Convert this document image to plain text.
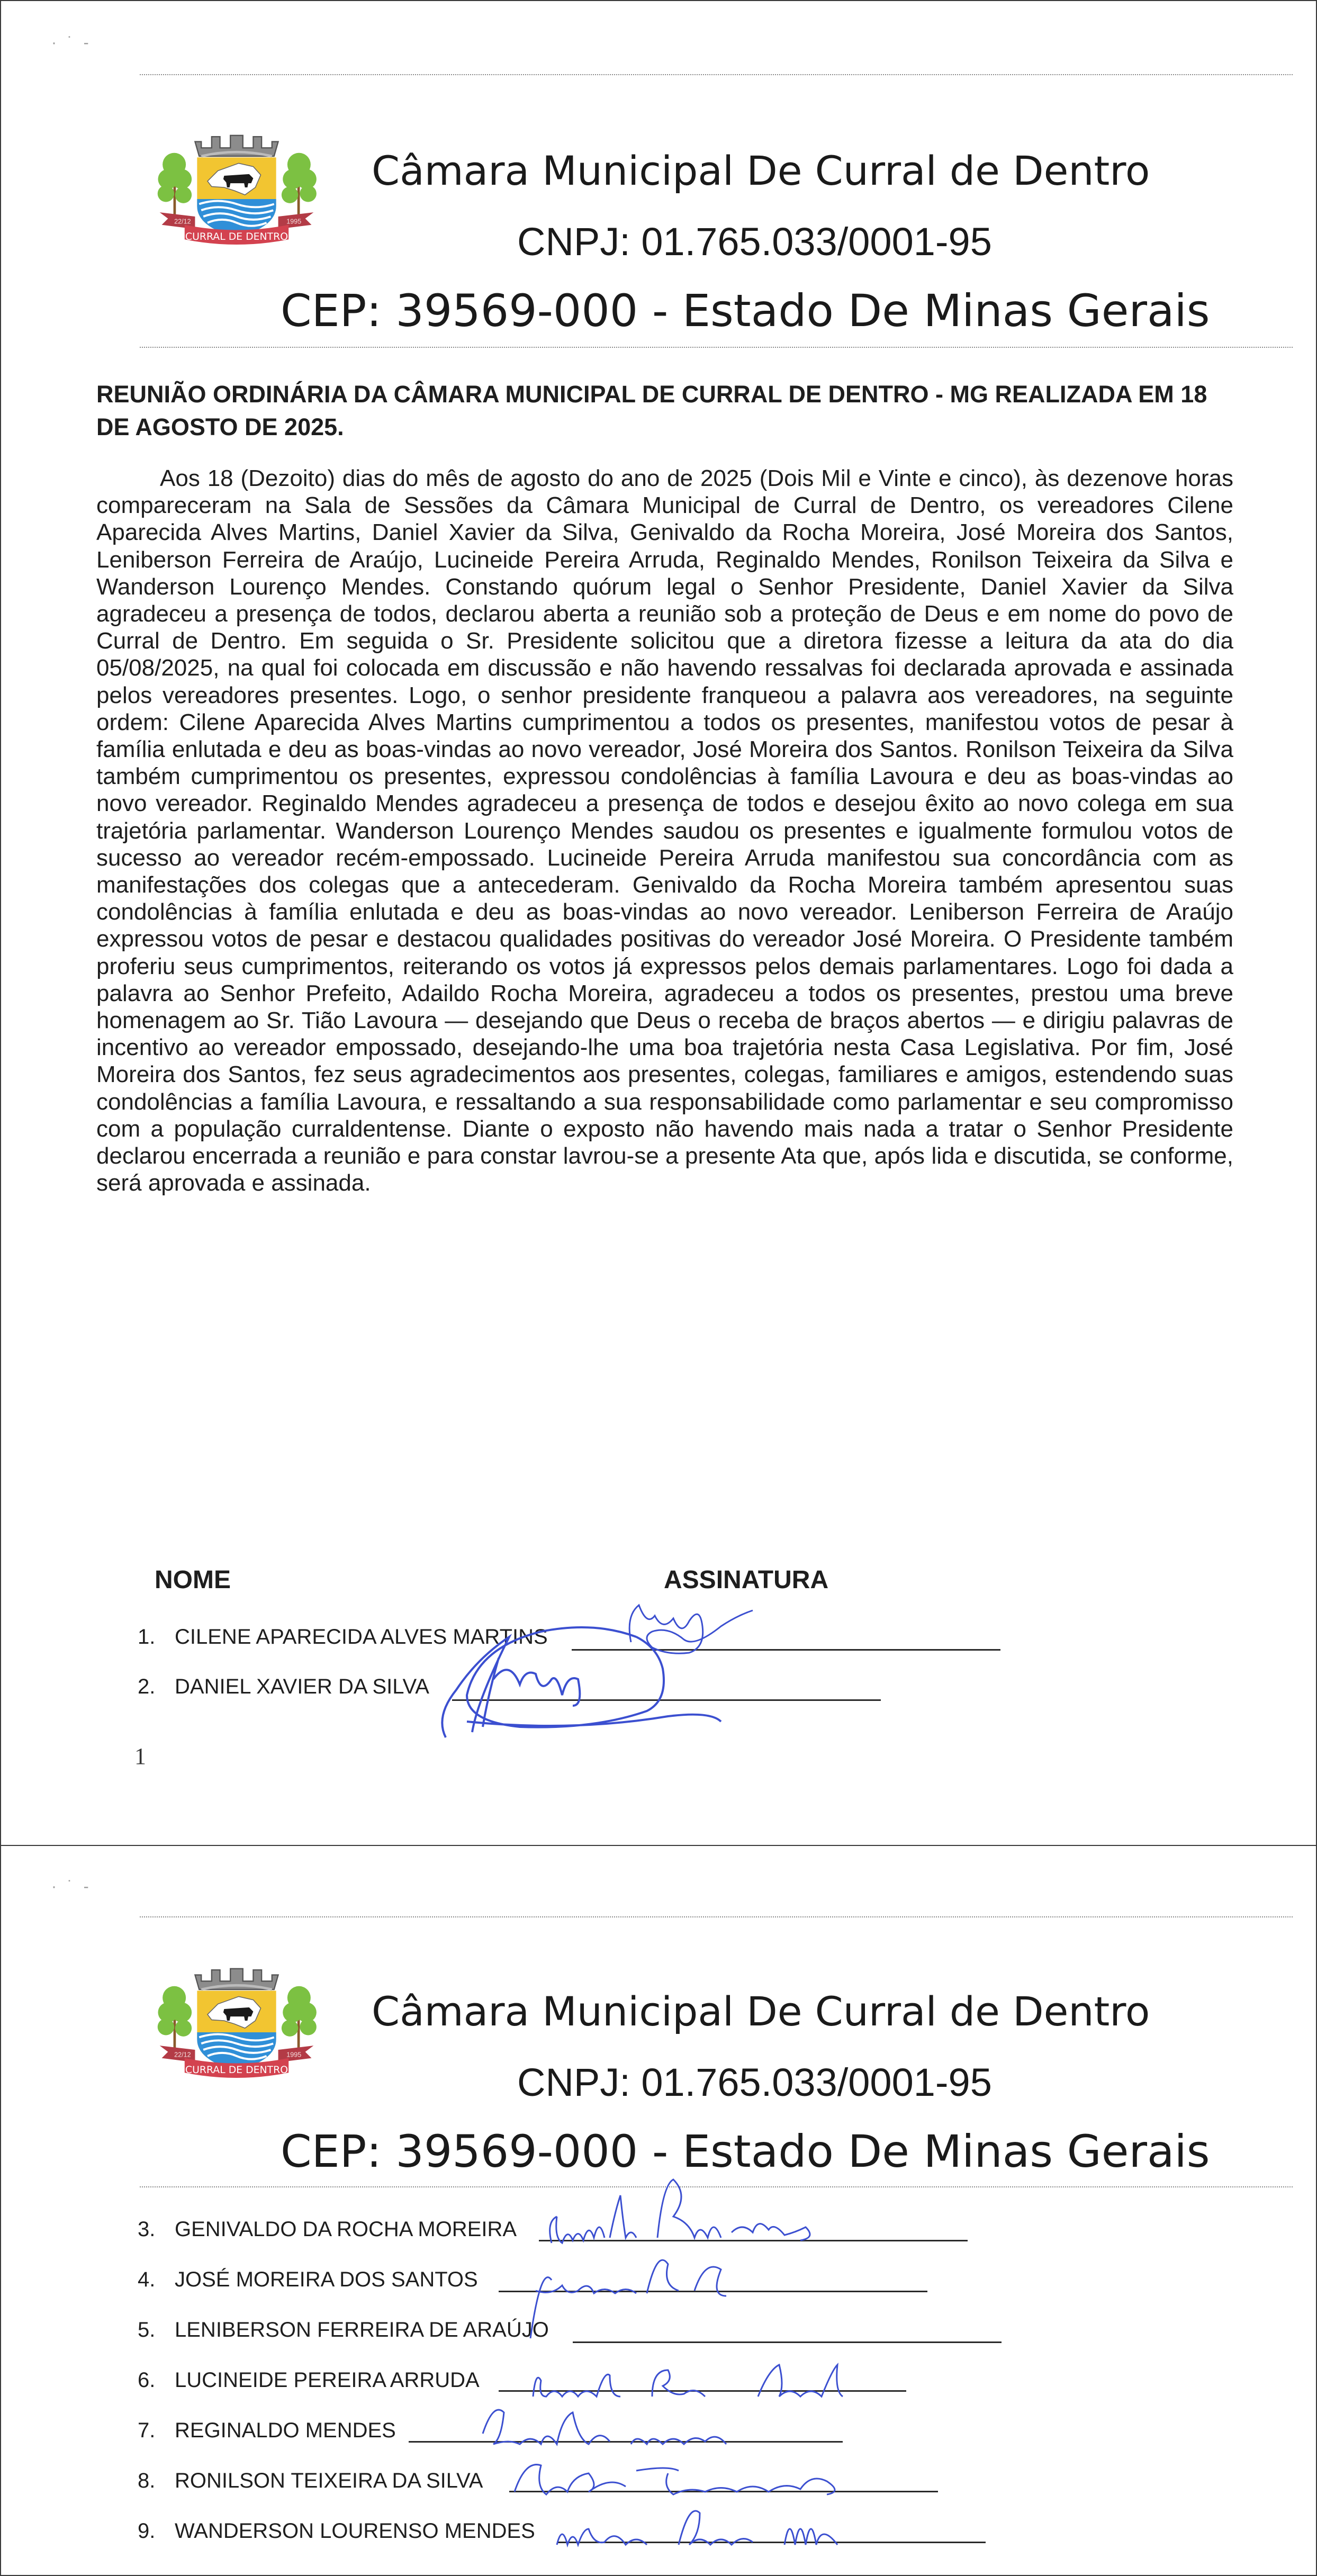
· ˙ -
22/12	1995
CURRAL DE DENTRO
Câmara Municipal De Curral de Dentro
CNPJ: 01.765.033/0001-95
CEP: 39569-000 - Estado De Minas Gerais
REUNIÃO ORDINÁRIA DA CÂMARA MUNICIPAL DE CURRAL DE DENTRO - MG REALIZADA EM 18 DE AGOSTO DE 2025.
Aos 18 (Dezoito) dias do mês de agosto do ano de 2025 (Dois Mil e Vinte e cinco), às dezenove horas compareceram na Sala de Sessões da Câmara Municipal de Curral de Dentro, os vereadores Cilene Aparecida Alves Martins, Daniel Xavier da Silva, Genivaldo da Rocha Moreira, José Moreira dos Santos, Leniberson Ferreira de Araújo, Lucineide Pereira Arruda, Reginaldo Mendes, Ronilson Teixeira da Silva e Wanderson Lourenço Mendes. Constando quórum legal o Senhor Presidente, Daniel Xavier da Silva agradeceu a presença de todos, declarou aberta a reunião sob a proteção de Deus e em nome do povo de Curral de Dentro. Em seguida o Sr. Presidente solicitou que a diretora fizesse a leitura da ata do dia 05/08/2025, na qual foi colocada em discussão e não havendo ressalvas foi declarada aprovada e assinada pelos vereadores presentes. Logo, o senhor presidente franqueou a palavra aos vereadores, na seguinte ordem: Cilene Aparecida Alves Martins cumprimentou a todos os presentes, manifestou votos de pesar à família enlutada e deu as boas-vindas ao novo vereador, José Moreira dos Santos. Ronilson Teixeira da Silva também cumprimentou os presentes, expressou condolências à família Lavoura e deu as boas-vindas ao novo vereador. Reginaldo Mendes agradeceu a presença de todos e desejou êxito ao novo colega em sua trajetória parlamentar. Wanderson Lourenço Mendes saudou os presentes e igualmente formulou votos de sucesso ao vereador recém-empossado. Lucineide Pereira Arruda manifestou sua concordância com as manifestações dos colegas que a antecederam. Genivaldo da Rocha Moreira também apresentou suas condolências à família enlutada e deu as boas-vindas ao novo vereador. Leniberson Ferreira de Araújo expressou votos de pesar e destacou qualidades positivas do vereador José Moreira. O Presidente também proferiu seus cumprimentos, reiterando os votos já expressos pelos demais parlamentares. Logo foi dada a palavra ao Senhor Prefeito, Adaildo Rocha Moreira, agradeceu a todos os presentes, prestou uma breve homenagem ao Sr. Tião Lavoura — desejando que Deus o receba de braços abertos — e dirigiu palavras de incentivo ao vereador empossado, desejando-lhe uma boa trajetória nesta Casa Legislativa. Por fim, José Moreira dos Santos, fez seus agradecimentos aos presentes, colegas, familiares e amigos, estendendo suas condolências a família Lavoura, e ressaltando a sua responsabilidade como parlamentar e seu compromisso com a população curraldentense. Diante o exposto não havendo mais nada a tratar o Senhor Presidente declarou encerrada a reunião e para constar lavrou-se a presente Ata que, após lida e discutida, se conforme, será aprovada e assinada.
NOME	ASSINATURA
1. CILENE APARECIDA ALVES MARTINS
2. DANIEL XAVIER DA SILVA
1
· ˙ -
22/12	1995
CURRAL DE DENTRO
Câmara Municipal De Curral de Dentro
CNPJ: 01.765.033/0001-95
CEP: 39569-000 - Estado De Minas Gerais
3. GENIVALDO DA ROCHA MOREIRA
4. JOSÉ MOREIRA DOS SANTOS
5. LENIBERSON FERREIRA DE ARAÚJO
6. LUCINEIDE PEREIRA ARRUDA
7. REGINALDO MENDES
8. RONILSON TEIXEIRA DA SILVA
9. WANDERSON LOURENSO MENDES
